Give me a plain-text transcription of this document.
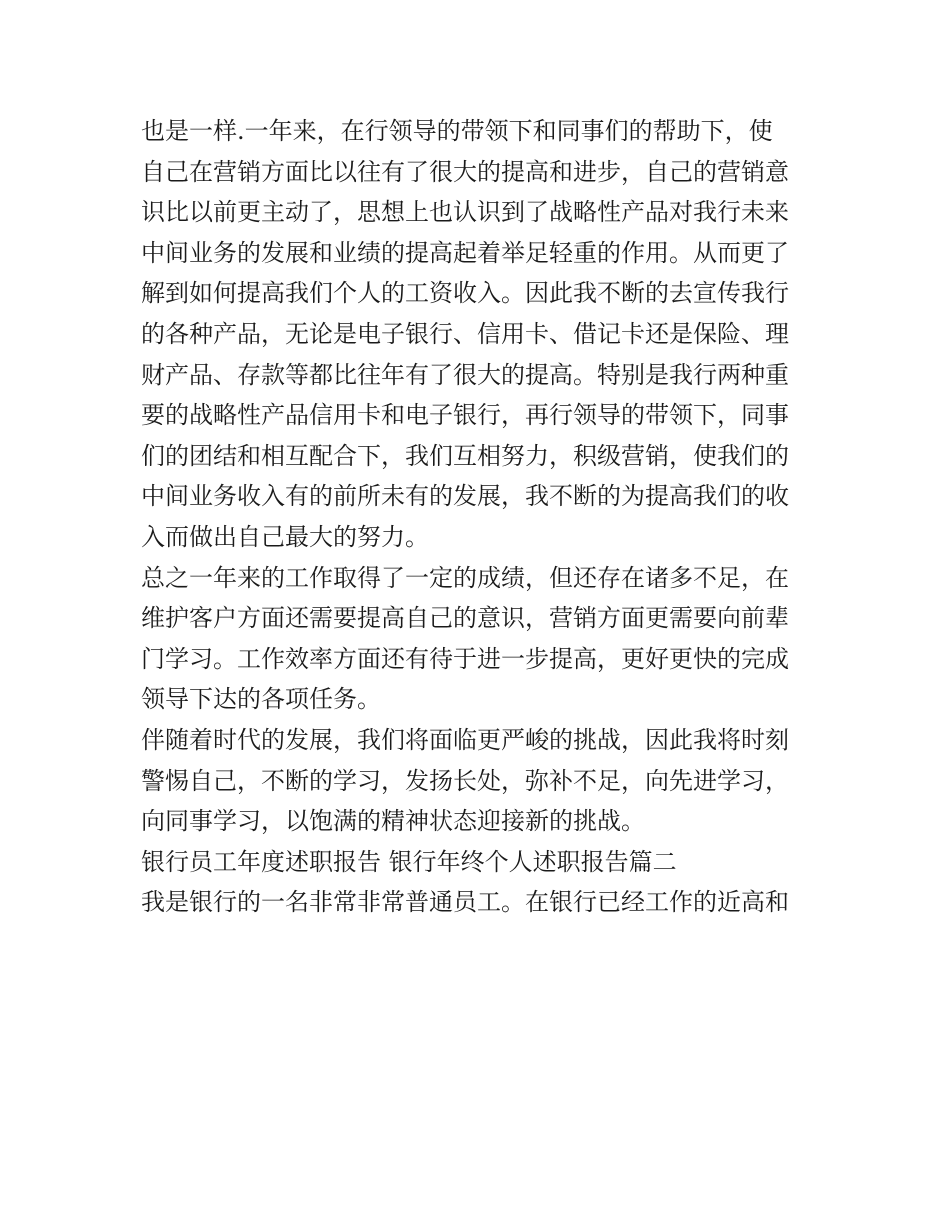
也是一样.一年来，在行领导的带领下和同事们的帮助下，使
自己在营销方面比以往有了很大的提高和进步，自己的营销意
识比以前更主动了，思想上也认识到了战略性产品对我行未来
中间业务的发展和业绩的提高起着举足轻重的作用。从而更了
解到如何提高我们个人的工资收入。因此我不断的去宣传我行
的各种产品，无论是电子银行、信用卡、借记卡还是保险、理
财产品、存款等都比往年有了很大的提高。特别是我行两种重
要的战略性产品信用卡和电子银行，再行领导的带领下，同事
们的团结和相互配合下，我们互相努力，积级营销，使我们的
中间业务收入有的前所未有的发展，我不断的为提高我们的收
入而做出自己最大的努力。
总之一年来的工作取得了一定的成绩，但还存在诸多不足，在
维护客户方面还需要提高自己的意识，营销方面更需要向前辈
门学习。工作效率方面还有待于进一步提高，更好更快的完成
领导下达的各项任务。
伴随着时代的发展，我们将面临更严峻的挑战，因此我将时刻
警惕自己，不断的学习，发扬长处，弥补不足，向先进学习，
向同事学习，以饱满的精神状态迎接新的挑战。
银行员工年度述职报告 银行年终个人述职报告篇二
我是银行的一名非常非常普通员工。在银行已经工作的近高和
